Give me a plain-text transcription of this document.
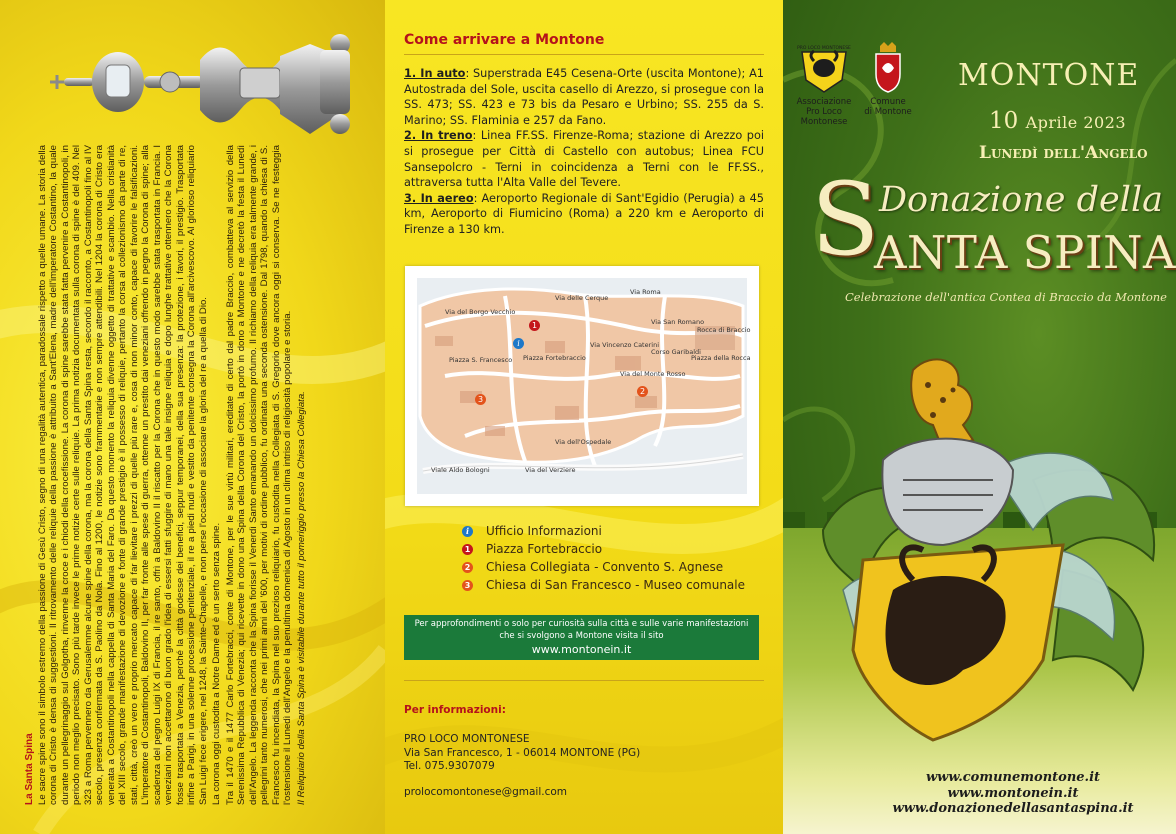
La Santa Spina Le sacre spine sono il simbolo estremo della passione di Gesù Cristo, segno di una regalità autentica, paradossale rispetto a quelle umane. La storia della corona di Cristo è densa di suggestioni. Il ritrovamento delle reliquie della passione è attribuito a Sant'Elena, madre dell'imperatore Costantino, la quale durante un pellegrinaggio sul Golgotha, rinvenne la croce e i chiodi della crocefissione. La corona di spine sarebbe stata fatta pervenire a Costantinopoli, in periodo non meglio precisato. Sono più tarde invece le prime notizie certe sulle reliquie. La prima notizia documentata sulla corona di spine è del 409. Nel 323 a Roma pervennero da Gerusalemme alcune spine della corona, ma la corona della Santa Spina resta, secondo il racconto, a Costantinopoli fino al IV secolo, presenza confermata da S. Paolino da Nola. Fino al 1200, le notizie sono frammentarie e non sempre attendibili. Nel 1204 la corona di Cristo era venerata a Costantinopoli nella cappella di Santa Maria del Faro. Da questo momento la reliquia divenne oggetto di trattative e scambio. Nella cristianità del XIII secolo, grande manifestazione di devozione e fonte di grande prestigio è il possesso di reliquie, pertanto la corsa al collezionismo da parte di re, stati, città, creò un vero e proprio mercato capace di far lievitare i prezzi di quelle più rare e, cosa di non minor conto, capace di favorire le falsificazioni. L'imperatore di Costantinopoli, Baldovino II, per far fronte alle spese di guerra, ottenne un prestito dai veneziani offrendo in pegno la Corona di spine; alla scadenza del pegno Luigi IX di Francia, il re santo, offrì a Baldovino II il riscatto per la Corona che in questo modo sarebbe stata trasportata in Francia. I veneziani non accettarono di buon grado l'idea di essersi fatti sfuggire di mano una tale insigne reliquia e dopo lunghe trattative ottennero che la Corona fosse trasportata a Venezia, perché la città godesse dei benefici, seppur temporanei, della sua presenza: la protezione, i favori, il prestigio. Trasportata infine a Parigi, in una solenne processione penitenziale, il re a piedi nudi e vestito da penitente consegna la Corona all'arcivescovo. Al glorioso reliquiario San Luigi fece erigere, nel 1248, la Sainte-Chapelle, e non perse l'occasione di associare la gloria del re a quella di Dio. La corona oggi custodita a Notre Dame ed è un serto senza spine. Tra il 1470 e il 1477 Carlo Fortebracci, conte di Montone, per le sue virtù militari, ereditate di certo dal padre Braccio, combatteva al servizio della Serenissima Repubblica di Venezia; qui ricevette in dono una Spina della Corona del Cristo, la portò in dono a Montone e ne decretò la festa il Lunedì dell'Angelo. La leggenda racconta che la Spina fiorisse il Venerdì Santo emanando un dolcissimo profumo. Il richiamo della reliquia era talmente grande, i pellegrini tanto numerosi, che nei primi anni del '600, per motivi di ordine pubblico, fu ordinata una seconda ostensione. Dal 1798, quando la chiesa di S. Francesco fu incendiata, la Spina nel suo prezioso reliquiario, fu custodita nella Collegiata di S. Gregorio dove ancora oggi si conserva. Se ne festeggia l'ostensione il Lunedì dell'Angelo e la penultima domenica di Agosto in un clima intriso di religiosità popolare e storia. Il Reliquiario della Santa Spina è visitabile durante tutto il pomeriggio presso la Chiesa Collegiata.

Come arrivare a Montone
1. In auto: Superstrada E45 Cesena-Orte (uscita Montone); A1 Autostrada del Sole, uscita casello di Arezzo, si prosegue con la SS. 473; SS. 423 e 73 bis da Pesaro e Urbino; SS. 255 da S. Marino; SS. Flaminia e 257 da Fano.
2. In treno: Linea FF.SS. Firenze-Roma; stazione di Arezzo poi si prosegue per Città di Castello con autobus; Linea FCU Sansepolcro - Terni in coincidenza a Terni con le FF.SS., attraversa tutta l'Alta Valle del Tevere.
3. In aereo: Aeroporto Regionale di Sant'Egidio (Perugia) a 45 km, Aeroporto di Fiumicino (Roma) a 220 km e Aeroporto di Firenze a 130 km.
Via delle Cerque
Via San Romano
Via Roma
Via del Monte Rosso
Via del Borgo Vecchio
Piazza Fortebraccio
Piazza S. Francesco
Via del Verziere
Viale Aldo Bologni
Via dell'Ospedale
Via Vincenzo Caterini
Corso Garibaldi
Rocca di Braccio
Piazza della Rocca
i
1
2
3
i	Ufficio Informazioni
1 Piazza Fortebraccio
2 Chiesa Collegiata - Convento S. Agnese
3 Chiesa di San Francesco - Museo comunale
Per approfondimenti o solo per curiosità sulla città e sulle varie manifestazioni
che si svolgono a Montone visita il sito
www.montonein.it
Per informazioni:
PRO LOCO MONTONESE
Via San Francesco, 1 - 06014 MONTONE (PG)
Tel. 075.9307079
prolocomontonese@gmail.com
PRO LOCO MONTONESE
Associazione
Pro Loco
Montonese
Comune
di Montone
MONTONE
10 Aprile 2023
Lunedì dell'Angelo
S Donazione della
ANTA SPINA
Celebrazione dell'antica Contea di Braccio da Montone
www.comunemontone.it
www.montonein.it
www.donazionedellasantaspina.it
